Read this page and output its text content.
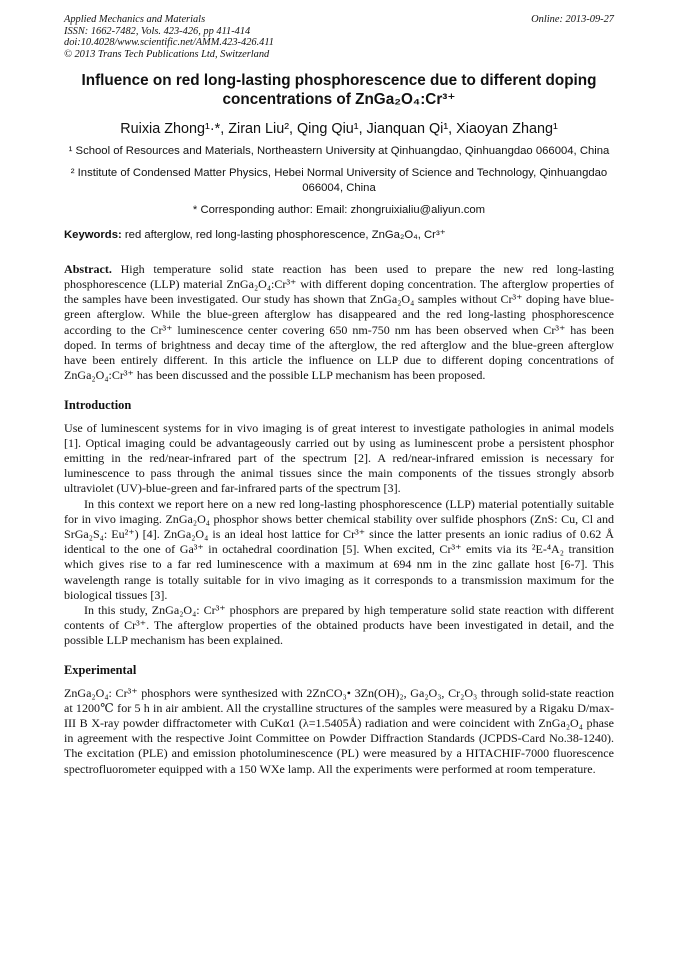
Applied Mechanics and Materials
ISSN: 1662-7482, Vols. 423-426, pp 411-414
doi:10.4028/www.scientific.net/AMM.423-426.411
© 2013 Trans Tech Publications Ltd, Switzerland
Online: 2013-09-27
Influence on red long-lasting phosphorescence due to different doping
concentrations of ZnGa₂O₄:Cr³⁺
Ruixia Zhong¹·*, Ziran Liu², Qing Qiu¹, Jianquan Qi¹, Xiaoyan Zhang¹
¹ School of Resources and Materials, Northeastern University at Qinhuangdao, Qinhuangdao 066004, China
² Institute of Condensed Matter Physics, Hebei Normal University of Science and Technology, Qinhuangdao 066004, China
* Corresponding author: Email: zhongruixialiu@aliyun.com
Keywords: red afterglow, red long-lasting phosphorescence, ZnGa₂O₄, Cr³⁺

Abstract. High temperature solid state reaction has been used to prepare the new red long-lasting phosphorescence (LLP) material ZnGa₂O₄:Cr³⁺ with different doping concentration. The afterglow properties of the samples have been investigated. Our study has shown that ZnGa₂O₄ samples without Cr³⁺ doping have blue-green afterglow. While the blue-green afterglow has disappeared and the red long-lasting phosphorescence according to the Cr³⁺ luminescence center covering 650 nm-750 nm has been observed when Cr³⁺ has been doped. In terms of brightness and decay time of the afterglow, the red afterglow and the blue-green afterglow have been entirely different. In this article the influence on LLP due to different doping concentrations of ZnGa₂O₄:Cr³⁺ has been discussed and the possible LLP mechanism has been proposed.

Introduction

Use of luminescent systems for in vivo imaging is of great interest to investigate pathologies in animal models [1]. Optical imaging could be advantageously carried out by using as luminescent probe a persistent phosphor emitting in the red/near-infrared part of the spectrum [2]. A red/near-infrared emission is necessary for luminescence to pass through the animal tissues since the main components of the tissues strongly absorb ultraviolet (UV)-blue-green and far-infrared parts of the spectrum [3].

In this context we report here on a new red long-lasting phosphorescence (LLP) material potentially suitable for in vivo imaging. ZnGa₂O₄ phosphor shows better chemical stability over sulfide phosphors (ZnS: Cu, Cl and SrGa₂S₄: Eu²⁺) [4]. ZnGa₂O₄ is an ideal host lattice for Cr³⁺ since the latter presents an ionic radius of 0.62 Å identical to the one of Ga³⁺ in octahedral coordination [5]. When excited, Cr³⁺ emits via its ²E-⁴A₂ transition which gives rise to a far red luminescence with a maximum at 694 nm in the zinc gallate host [6-7]. This wavelength range is totally suitable for in vivo imaging as it corresponds to a transmission maximum for the biological tissues [3].

In this study, ZnGa₂O₄: Cr³⁺ phosphors are prepared by high temperature solid state reaction with different contents of Cr³⁺. The afterglow properties of the obtained products have been investigated in detail, and the possible LLP mechanism has been explained.

Experimental

ZnGa₂O₄: Cr³⁺ phosphors were synthesized with 2ZnCO₃• 3Zn(OH)₂, Ga₂O₃, Cr₂O₃ through solid-state reaction at 1200℃ for 5 h in air ambient. All the crystalline structures of the samples were measured by a Rigaku D/max-III B X-ray powder diffractometer with CuKα1 (λ=1.5405Å) radiation and were coincident with ZnGa₂O₄ phase in agreement with the respective Joint Committee on Powder Diffraction Standards (JCPDS-Card No.38-1240). The excitation (PLE) and emission photoluminescence (PL) were measured by a HITACHIF-7000 fluorescence spectrofluorometer equipped with a 150 WXe lamp. All the experiments were performed at room temperature.
